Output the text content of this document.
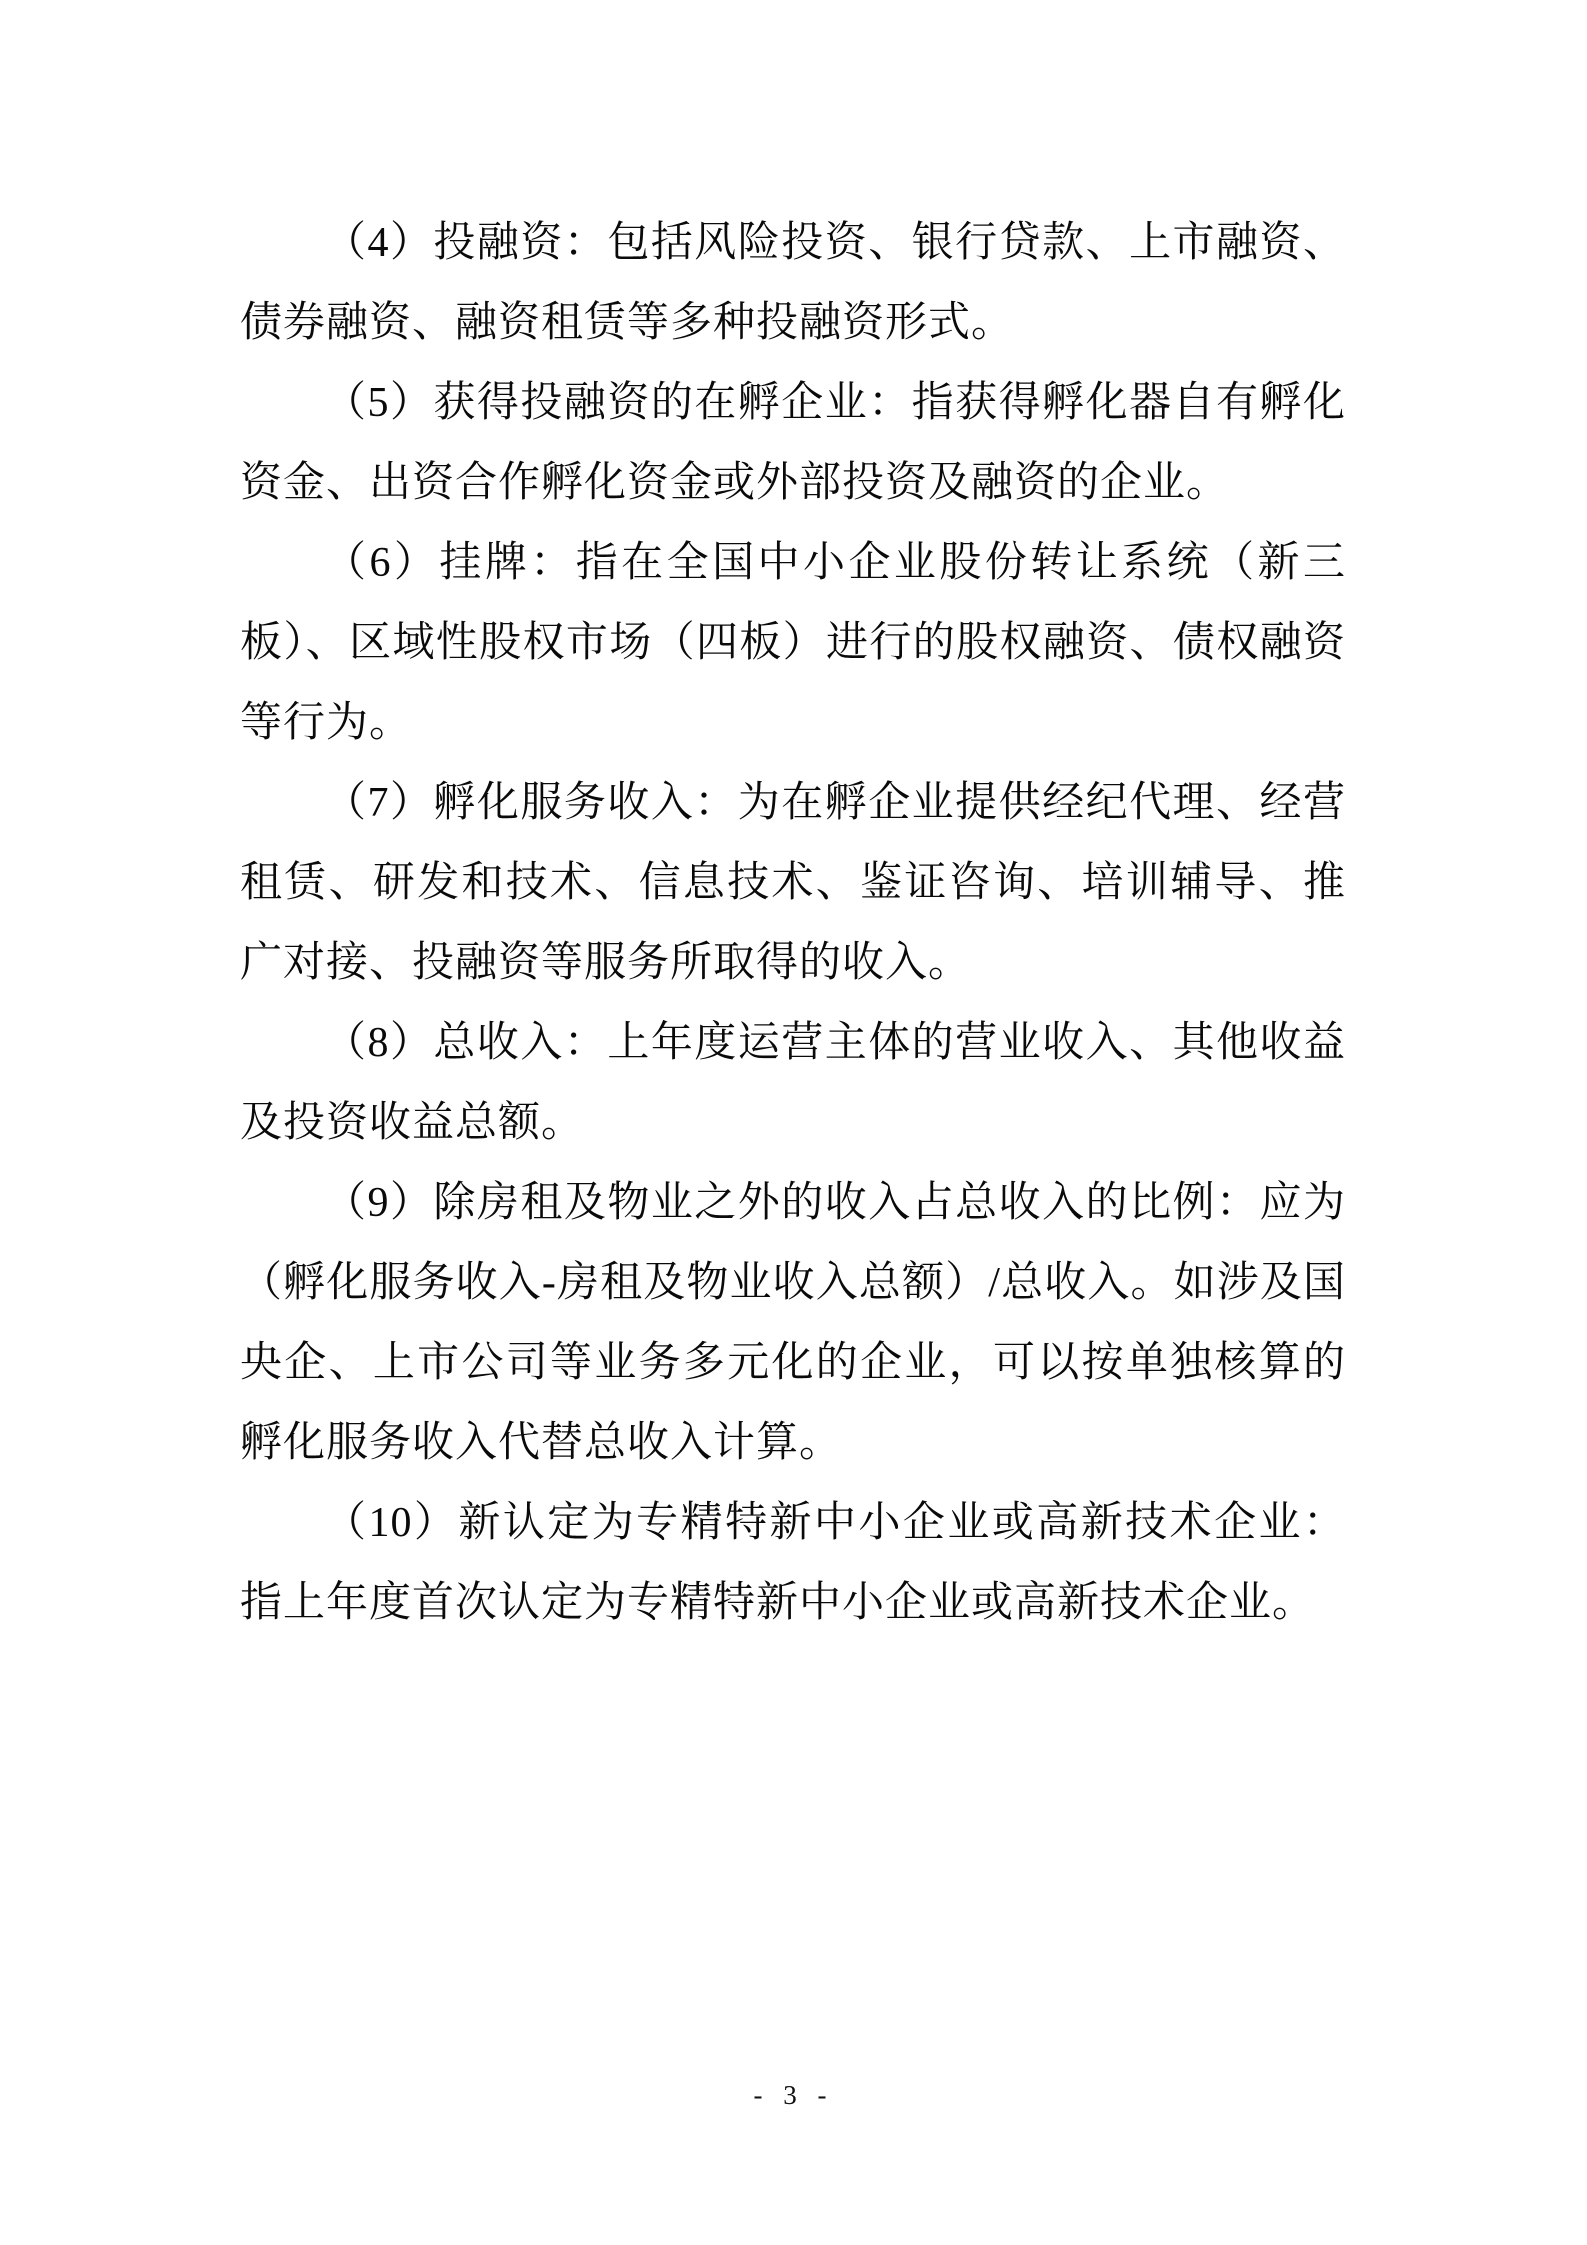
（4）投融资：包括风险投资、银行贷款、上市融资、债券融资、融资租赁等多种投融资形式。

（5）获得投融资的在孵企业：指获得孵化器自有孵化资金、出资合作孵化资金或外部投资及融资的企业。

（6）挂牌：指在全国中小企业股份转让系统（新三板）、区域性股权市场（四板）进行的股权融资、债权融资等行为。

（7）孵化服务收入：为在孵企业提供经纪代理、经营租赁、研发和技术、信息技术、鉴证咨询、培训辅导、推广对接、投融资等服务所取得的收入。

（8）总收入：上年度运营主体的营业收入、其他收益及投资收益总额。

（9）除房租及物业之外的收入占总收入的比例：应为（孵化服务收入-房租及物业收入总额）/总收入。如涉及国央企、上市公司等业务多元化的企业，可以按单独核算的孵化服务收入代替总收入计算。

（10）新认定为专精特新中小企业或高新技术企业：指上年度首次认定为专精特新中小企业或高新技术企业。

- 3 -
